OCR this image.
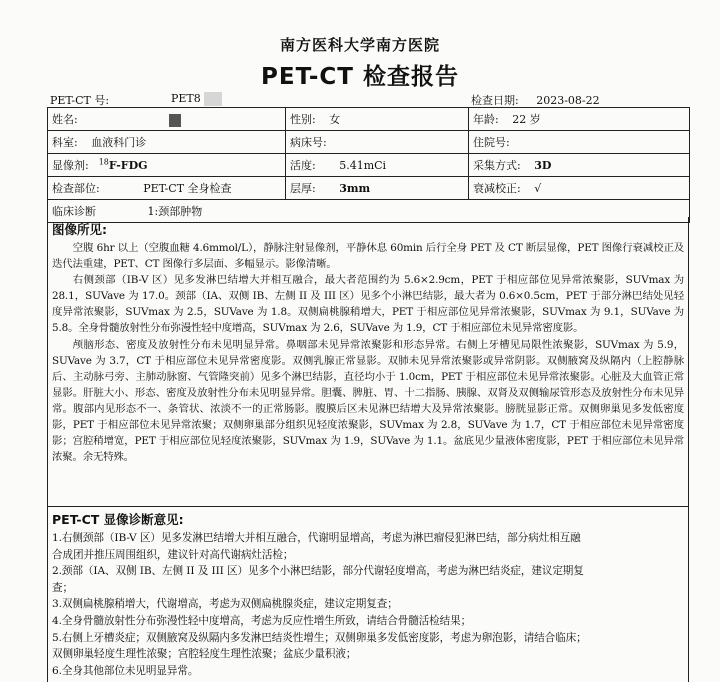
南方医科大学南方医院
PET-CT 检查报告
PET-CT 号:	PET8	检查日期: 2023-08-22
姓名:	性别: 女	年龄: 22 岁
科室: 血液科门诊	病床号:	住院号:
显像剂: $^{18}$F-FDG	活度: 5.41mCi	采集方式: 3D
检查部位: PET-CT 全身检查	层厚: 3mm	衰减校正: √
临床诊断 1:颈部肿物		
图像所见:

空腹 6hr 以上（空腹血糖 4.6mmol/L），静脉注射显像剂，平静休息 60min 后行全身 PET 及 CT 断层显像，PET 图像行衰减校正及迭代法重建，PET、CT 图像行多层面、多幅显示。影像清晰。

右侧颈部（IB-V 区）见多发淋巴结增大并相互融合，最大者范围约为 5.6×2.9cm，PET 于相应部位见异常浓聚影，SUVmax 为 28.1，SUVave 为 17.0。颈部（IA、双侧 IB、左侧 II 及 III 区）见多个小淋巴结影，最大者为 0.6×0.5cm，PET 于部分淋巴结处见轻度异常浓聚影，SUVmax 为 2.5，SUVave 为 1.8。双侧扁桃腺稍增大，PET 于相应部位见异常浓聚影，SUVmax 为 9.1，SUVave 为 5.8。全身骨髓放射性分布弥漫性轻中度增高，SUVmax 为 2.6，SUVave 为 1.9，CT 于相应部位未见异常密度影。

颅脑形态、密度及放射性分布未见明显异常。鼻咽部未见异常浓聚影和形态异常。右侧上牙槽见局限性浓聚影，SUVmax 为 5.9，SUVave 为 3.7，CT 于相应部位未见异常密度影。双侧乳腺正常显影。双肺未见异常浓聚影或异常阴影。双侧腋窝及纵隔内（上腔静脉后、主动脉弓旁、主肺动脉窗、气管隆突前）见多个淋巴结影，直径均小于 1.0cm，PET 于相应部位未见异常浓聚影。心脏及大血管正常显影。肝脏大小、形态、密度及放射性分布未见明显异常。胆囊、脾脏、胃、十二指肠、胰腺、双肾及双侧输尿管形态及放射性分布未见异常。腹部内见形态不一、条管状、浓淡不一的正常肠影。腹膜后区未见淋巴结增大及异常浓聚影。膀胱显影正常。双侧卵巢见多发低密度影，PET 于相应部位未见异常浓聚；双侧卵巢部分组织见轻度浓聚影，SUVmax 为 2.8，SUVave 为 1.7，CT 于相应部位未见异常密度影；宫腔稍增宽，PET 于相应部位见轻度浓聚影，SUVmax 为 1.9，SUVave 为 1.1。盆底见少量液体密度影，PET 于相应部位未见异常浓聚。余无特殊。

PET-CT 显像诊断意见:

1.右侧颈部（IB-V 区）见多发淋巴结增大并相互融合，代谢明显增高，考虑为淋巴瘤侵犯淋巴结，部分病灶相互融

合成团并推压周围组织，建议针对高代谢病灶活检；

2.颈部（IA、双侧 IB、左侧 II 及 III 区）见多个小淋巴结影，部分代谢轻度增高，考虑为淋巴结炎症，建议定期复

查；

3.双侧扁桃腺稍增大，代谢增高，考虑为双侧扁桃腺炎症，建议定期复查；

4.全身骨髓放射性分布弥漫性轻中度增高，考虑为反应性增生所致，请结合骨髓活检结果；

5.右侧上牙槽炎症；双侧腋窝及纵隔内多发淋巴结炎性增生；双侧卵巢多发低密度影，考虑为卵泡影，请结合临床；

双侧卵巢轻度生理性浓聚；宫腔轻度生理性浓聚；盆底少量积液；

6.全身其他部位未见明显异常。
